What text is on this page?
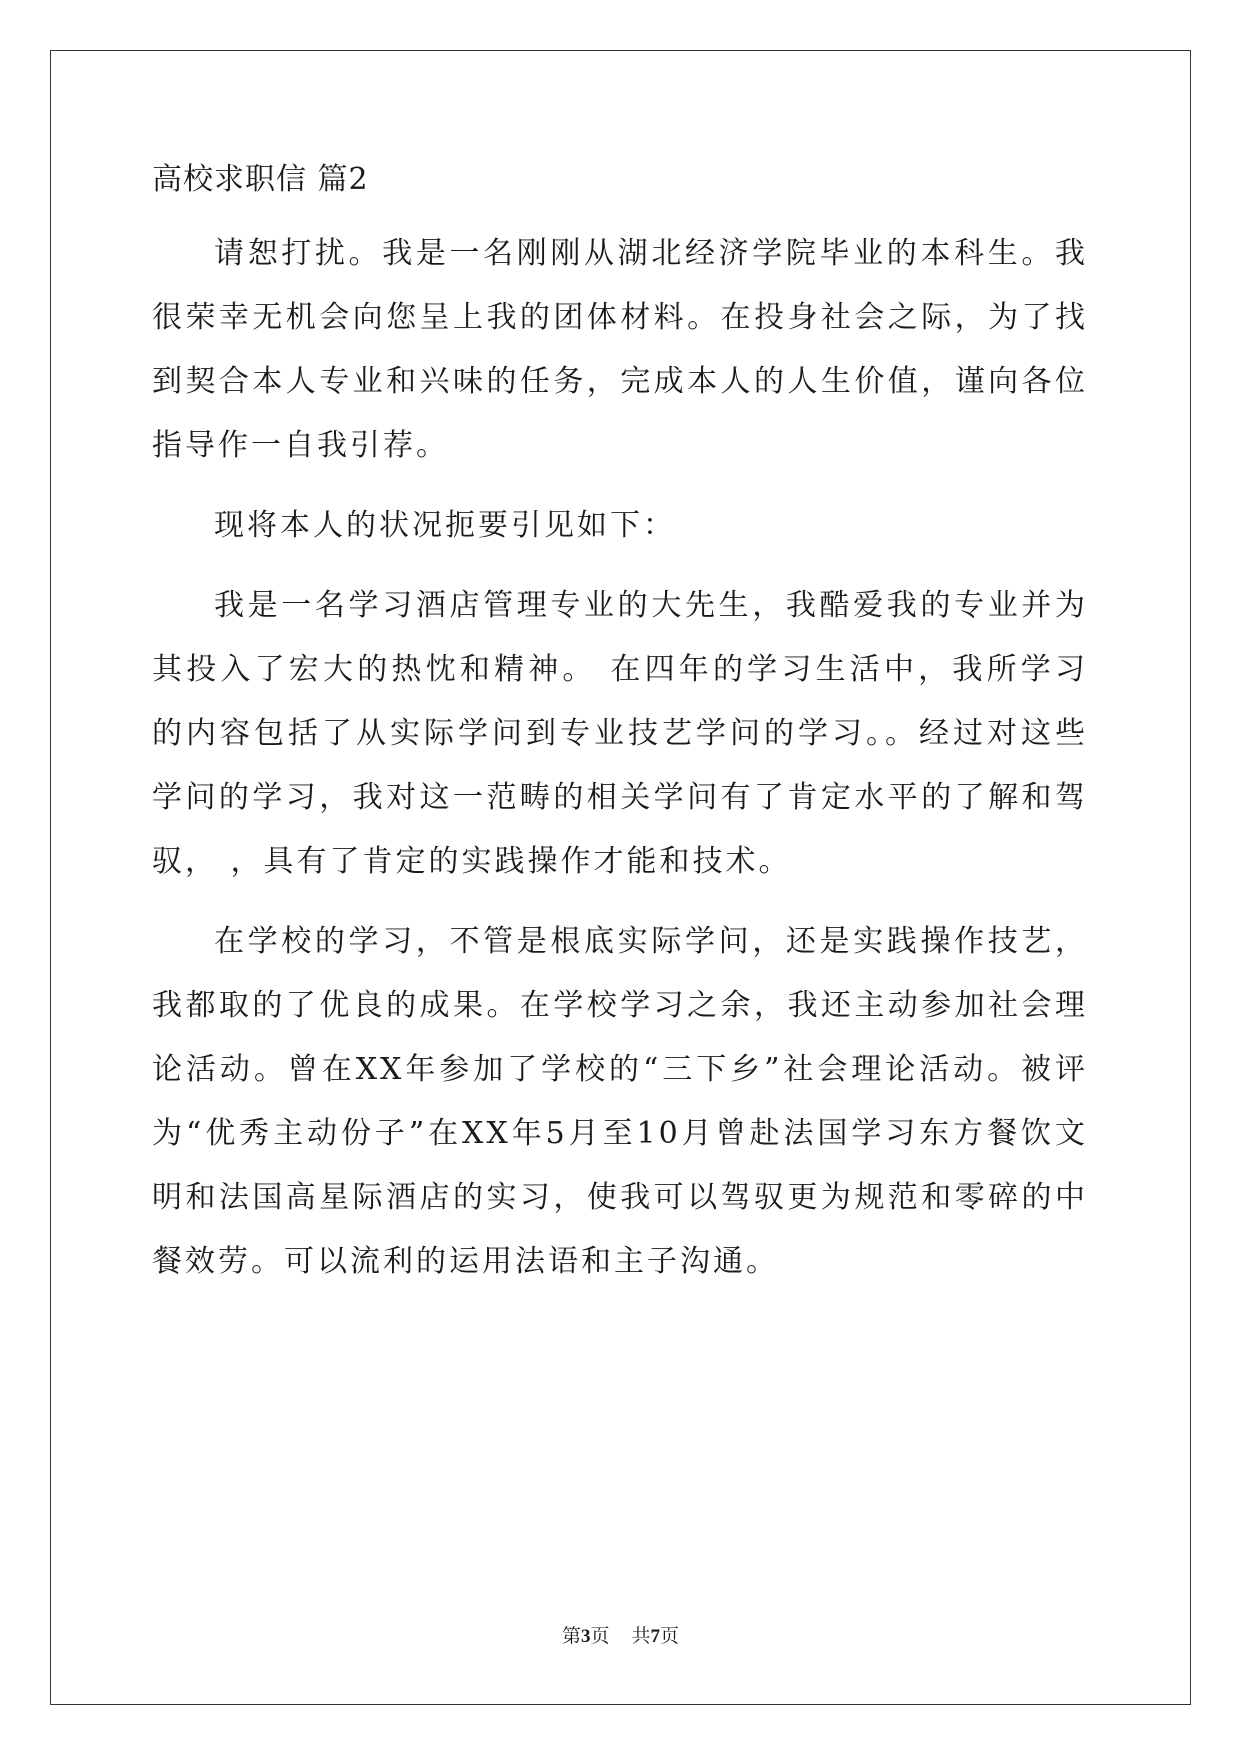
高校求职信 篇2

请恕打扰。我是一名刚刚从湖北经济学院毕业的本科生。我很荣幸无机会向您呈上我的团体材料。在投身社会之际，为了找到契合本人专业和兴味的任务，完成本人的人生价值，谨向各位指导作一自我引荐。

现将本人的状况扼要引见如下：

我是一名学习酒店管理专业的大先生，我酷爱我的专业并为其投入了宏大的热忱和精神。 在四年的学习生活中，我所学习的内容包括了从实际学问到专业技艺学问的学习。。经过对这些学问的学习，我对这一范畴的相关学问有了肯定水平的了解和驾驭， ，具有了肯定的实践操作才能和技术。

在学校的学习，不管是根底实际学问，还是实践操作技艺，我都取的了优良的成果。在学校学习之余，我还主动参加社会理论活动。曾在XX年参加了学校的“三下乡”社会理论活动。被评为“优秀主动份子”在XX年5月至10月曾赴法国学习东方餐饮文明和法国高星际酒店的实习，使我可以驾驭更为规范和零碎的中餐效劳。可以流利的运用法语和主子沟通。

第3页 共7页
